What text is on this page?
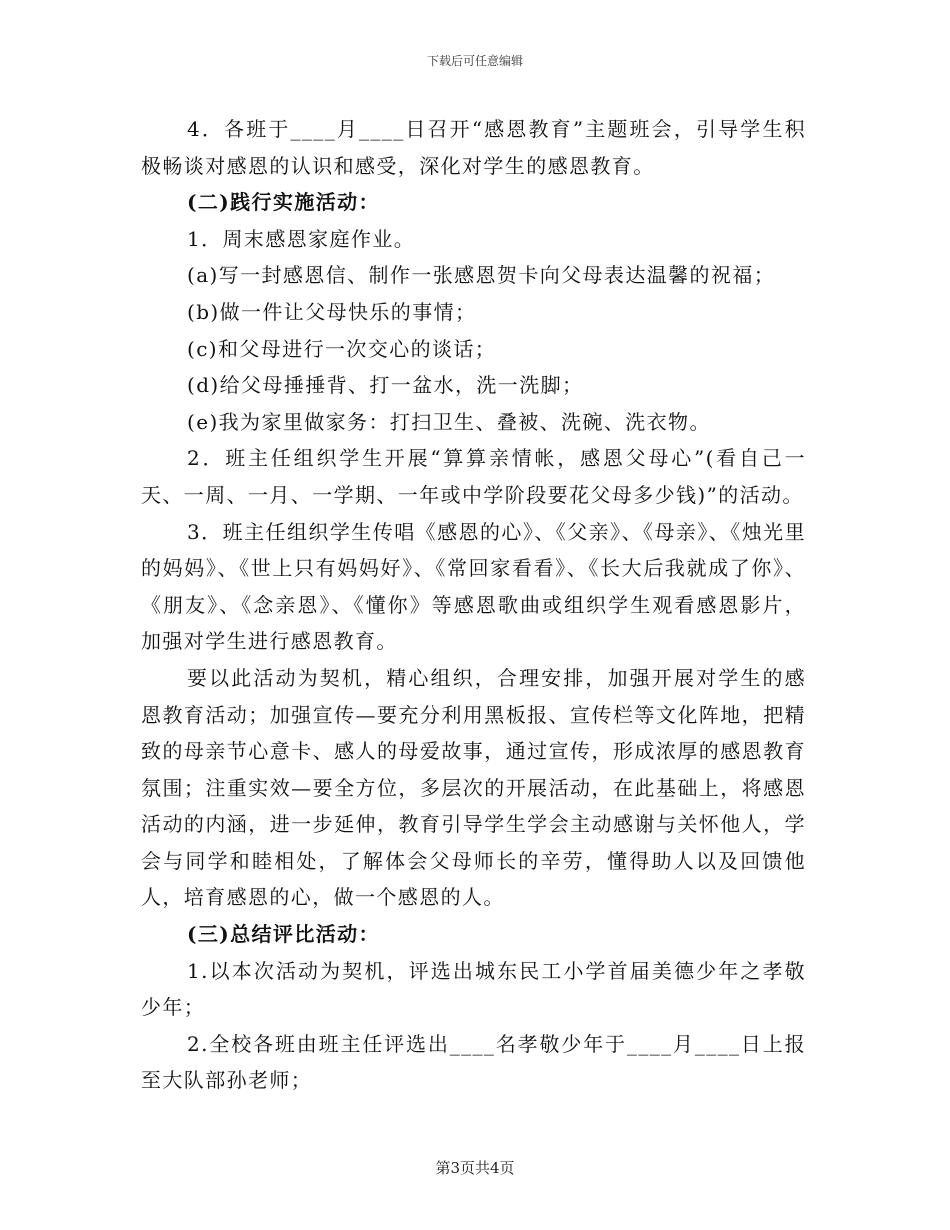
下载后可任意编辑

4．各班于____月____日召开“感恩教育”主题班会，引导学生积极畅谈对感恩的认识和感受，深化对学生的感恩教育。

(二)践行实施活动：

1．周末感恩家庭作业。

(a)写一封感恩信、制作一张感恩贺卡向父母表达温馨的祝福；

(b)做一件让父母快乐的事情；

(c)和父母进行一次交心的谈话；

(d)给父母捶捶背、打一盆水，洗一洗脚；

(e)我为家里做家务：打扫卫生、叠被、洗碗、洗衣物。

2．班主任组织学生开展“算算亲情帐，感恩父母心”(看自己一天、一周、一月、一学期、一年或中学阶段要花父母多少钱)”的活动。

3．班主任组织学生传唱《感恩的心》、《父亲》、《母亲》、《烛光里的妈妈》、《世上只有妈妈好》、《常回家看看》、《长大后我就成了你》、《朋友》、《念亲恩》、《懂你》等感恩歌曲或组织学生观看感恩影片，加强对学生进行感恩教育。

要以此活动为契机，精心组织，合理安排，加强开展对学生的感恩教育活动；加强宣传—要充分利用黑板报、宣传栏等文化阵地，把精致的母亲节心意卡、感人的母爱故事，通过宣传，形成浓厚的感恩教育氛围；注重实效—要全方位，多层次的开展活动，在此基础上，将感恩活动的内涵，进一步延伸，教育引导学生学会主动感谢与关怀他人，学会与同学和睦相处，了解体会父母师长的辛劳，懂得助人以及回馈他人，培育感恩的心，做一个感恩的人。

(三)总结评比活动：

1.以本次活动为契机，评选出城东民工小学首届美德少年之孝敬少年；

2.全校各班由班主任评选出____名孝敬少年于____月____日上报至大队部孙老师；

第3页共4页
